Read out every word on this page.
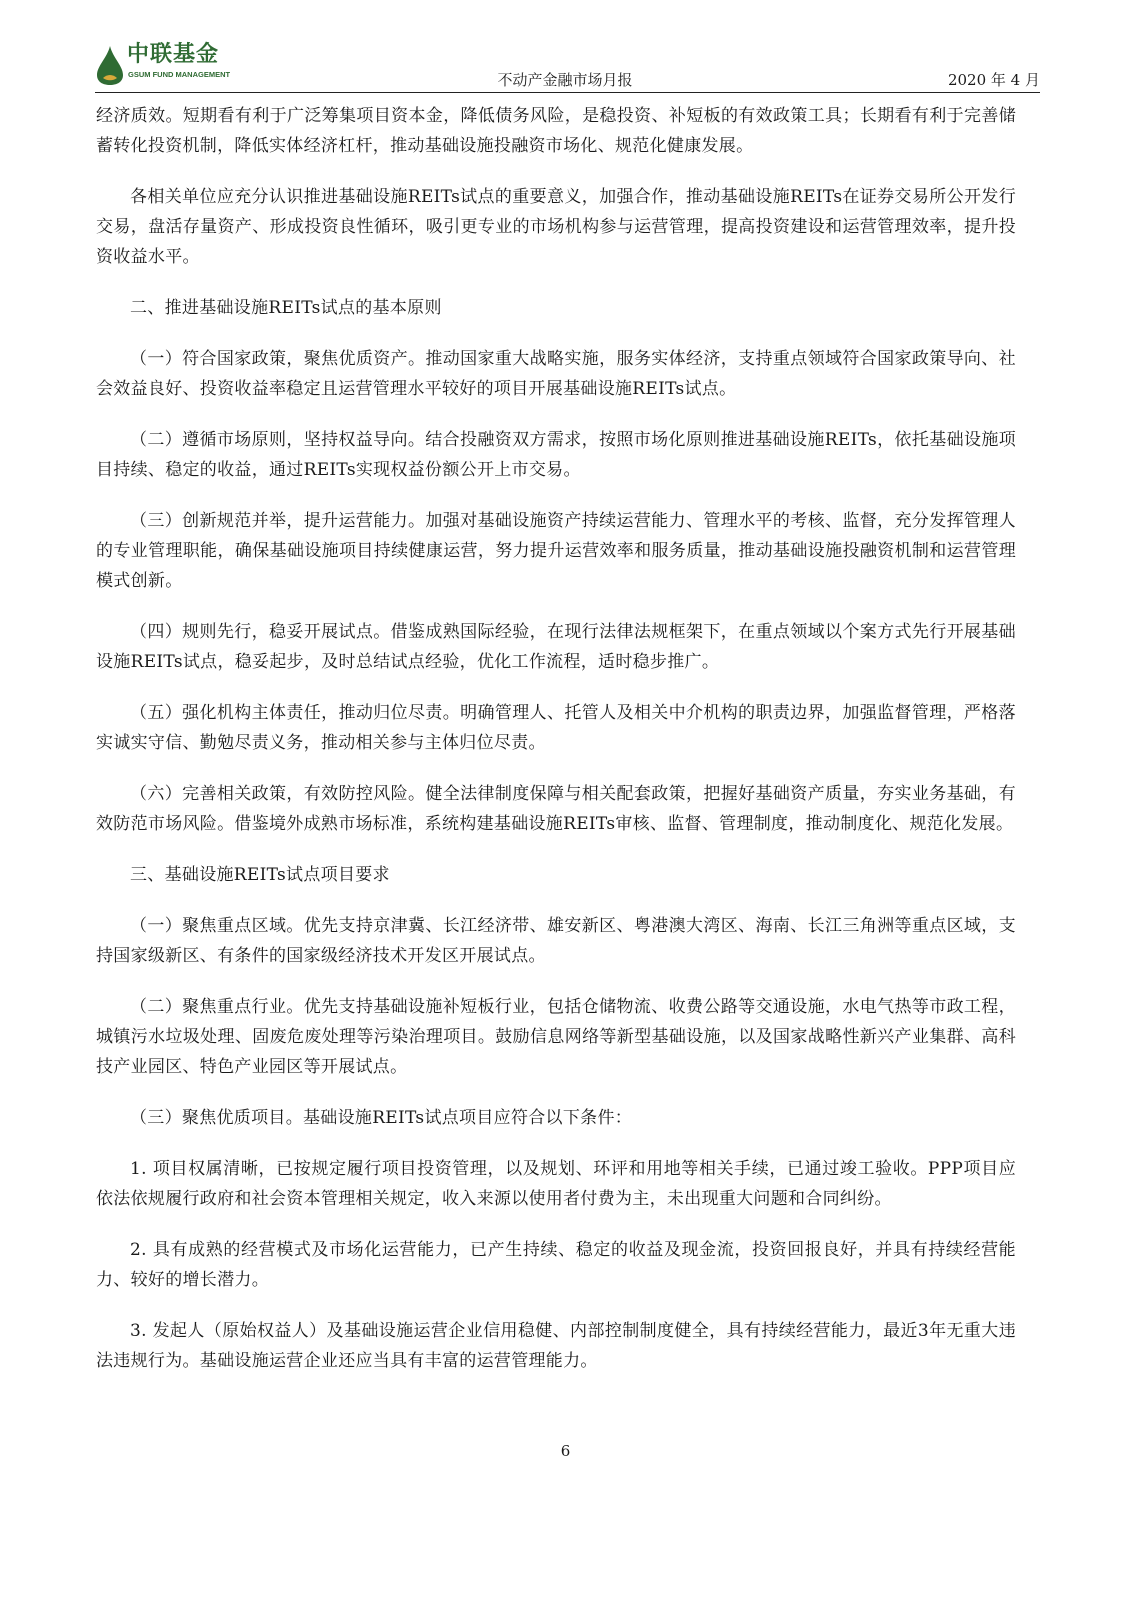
中联基金
GSUM FUND MANAGEMENT	不动产金融市场月报	2020 年 4 月

经济质效。短期看有利于广泛筹集项目资本金，降低债务风险，是稳投资、补短板的有效政策工具；长期看有利于完善储蓄转化投资机制，降低实体经济杠杆，推动基础设施投融资市场化、规范化健康发展。

各相关单位应充分认识推进基础设施REITs试点的重要意义，加强合作，推动基础设施REITs在证券交易所公开发行交易，盘活存量资产、形成投资良性循环，吸引更专业的市场机构参与运营管理，提高投资建设和运营管理效率，提升投资收益水平。

二、推进基础设施REITs试点的基本原则

（一）符合国家政策，聚焦优质资产。推动国家重大战略实施，服务实体经济，支持重点领域符合国家政策导向、社会效益良好、投资收益率稳定且运营管理水平较好的项目开展基础设施REITs试点。

（二）遵循市场原则，坚持权益导向。结合投融资双方需求，按照市场化原则推进基础设施REITs，依托基础设施项目持续、稳定的收益，通过REITs实现权益份额公开上市交易。

（三）创新规范并举，提升运营能力。加强对基础设施资产持续运营能力、管理水平的考核、监督，充分发挥管理人的专业管理职能，确保基础设施项目持续健康运营，努力提升运营效率和服务质量，推动基础设施投融资机制和运营管理模式创新。

（四）规则先行，稳妥开展试点。借鉴成熟国际经验，在现行法律法规框架下，在重点领域以个案方式先行开展基础设施REITs试点，稳妥起步，及时总结试点经验，优化工作流程，适时稳步推广。

（五）强化机构主体责任，推动归位尽责。明确管理人、托管人及相关中介机构的职责边界，加强监督管理，严格落实诚实守信、勤勉尽责义务，推动相关参与主体归位尽责。

（六）完善相关政策，有效防控风险。健全法律制度保障与相关配套政策，把握好基础资产质量，夯实业务基础，有效防范市场风险。借鉴境外成熟市场标准，系统构建基础设施REITs审核、监督、管理制度，推动制度化、规范化发展。

三、基础设施REITs试点项目要求

（一）聚焦重点区域。优先支持京津冀、长江经济带、雄安新区、粤港澳大湾区、海南、长江三角洲等重点区域，支持国家级新区、有条件的国家级经济技术开发区开展试点。

（二）聚焦重点行业。优先支持基础设施补短板行业，包括仓储物流、收费公路等交通设施，水电气热等市政工程，城镇污水垃圾处理、固废危废处理等污染治理项目。鼓励信息网络等新型基础设施，以及国家战略性新兴产业集群、高科技产业园区、特色产业园区等开展试点。

（三）聚焦优质项目。基础设施REITs试点项目应符合以下条件：

1. 项目权属清晰，已按规定履行项目投资管理，以及规划、环评和用地等相关手续，已通过竣工验收。PPP项目应依法依规履行政府和社会资本管理相关规定，收入来源以使用者付费为主，未出现重大问题和合同纠纷。

2. 具有成熟的经营模式及市场化运营能力，已产生持续、稳定的收益及现金流，投资回报良好，并具有持续经营能力、较好的增长潜力。

3. 发起人（原始权益人）及基础设施运营企业信用稳健、内部控制制度健全，具有持续经营能力，最近3年无重大违法违规行为。基础设施运营企业还应当具有丰富的运营管理能力。

6
